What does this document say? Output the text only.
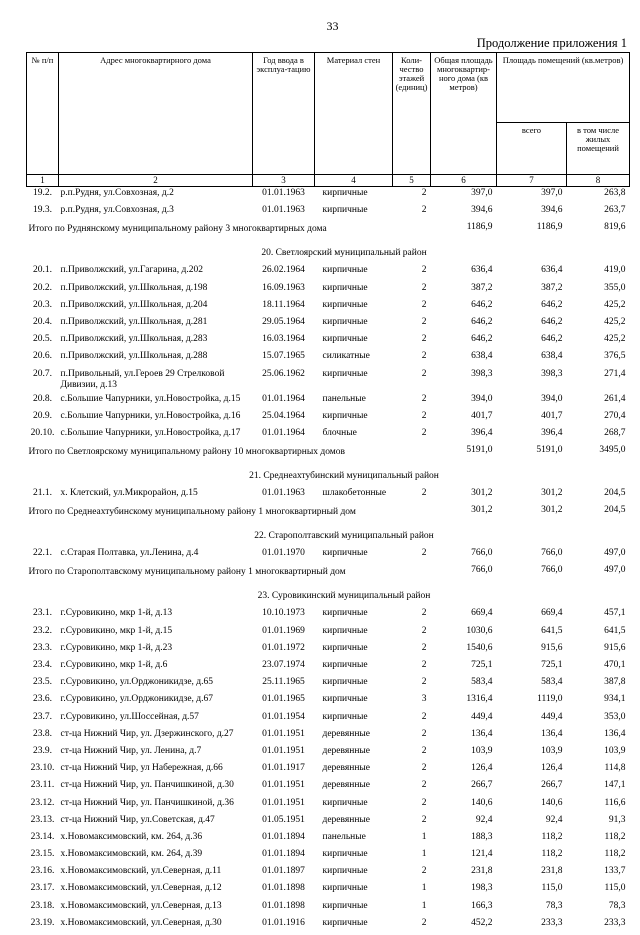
33
Продолжение приложения 1
№ п/п	Адрес многоквартирного дома	Год ввода в эксплуа-тацию	Материал стен	Коли-чество этажей (единиц)	Общая площадь многоквартир-ного дома (кв метров)	Площадь помещений (кв.метров)	
						всего	в том числе жилых помещений
1	2	3	4	5	6	7	8
19.2.	р.п.Рудня, ул.Совхозная, д.2	01.01.1963	кирпичные	2	397,0	397,0	263,8
19.3.	р.п.Рудня, ул.Совхозная, д.3	01.01.1963	кирпичные	2	394,6	394,6	263,7
Итого по Руднянскому муниципальному району 3 многоквартирных дома					1186,9	1186,9	819,6
	20. Светлоярский муниципальный район						
20.1.	п.Приволжский, ул.Гагарина, д.202	26.02.1964	кирпичные	2	636,4	636,4	419,0
20.2.	п.Приволжский, ул.Школьная, д.198	16.09.1963	кирпичные	2	387,2	387,2	355,0
20.3.	п.Приволжский, ул.Школьная, д.204	18.11.1964	кирпичные	2	646,2	646,2	425,2
20.4.	п.Приволжский, ул.Школьная, д.281	29.05.1964	кирпичные	2	646,2	646,2	425,2
20.5.	п.Приволжский, ул.Школьная, д.283	16.03.1964	кирпичные	2	646,2	646,2	425,2
20.6.	п.Приволжский, ул.Школьная, д.288	15.07.1965	силикатные	2	638,4	638,4	376,5
20.7.	п.Привольный, ул.Героев 29 Стрелковой Дивизии, д.13	25.06.1962	кирпичные	2	398,3	398,3	271,4
20.8.	с.Большие Чапурники, ул.Новостройка, д.15	01.01.1964	панельные	2	394,0	394,0	261,4
20.9.	с.Большие Чапурники, ул.Новостройка, д.16	25.04.1964	кирпичные	2	401,7	401,7	270,4
20.10.	с.Большие Чапурники, ул.Новостройка, д.17	01.01.1964	блочные	2	396,4	396,4	268,7
Итого по Светлоярскому муниципальному району 10 многоквартирных домов					5191,0	5191,0	3495,0
	21. Среднеахтубинский муниципальный район						
21.1.	х. Клетский, ул.Микрорайон, д.15	01.01.1963	шлакобетонные	2	301,2	301,2	204,5
Итого по Среднеахтубинскому муниципальному району 1 многоквартирный дом					301,2	301,2	204,5
	22. Старополтавский муниципальный район						
22.1.	с.Старая Полтавка, ул.Ленина, д.4	01.01.1970	кирпичные	2	766,0	766,0	497,0
Итого по Старополтавскому муниципальному району 1 многоквартирный дом					766,0	766,0	497,0
	23. Суровикинский муниципальный район						
23.1.	г.Суровикино, мкр 1-й, д.13	10.10.1973	кирпичные	2	669,4	669,4	457,1
23.2.	г.Суровикино, мкр 1-й, д.15	01.01.1969	кирпичные	2	1030,6	641,5	641,5
23.3.	г.Суровикино, мкр 1-й, д.23	01.01.1972	кирпичные	2	1540,6	915,6	915,6
23.4.	г.Суровикино, мкр 1-й, д.6	23.07.1974	кирпичные	2	725,1	725,1	470,1
23.5.	г.Суровикино, ул.Орджоникидзе, д.65	25.11.1965	кирпичные	2	583,4	583,4	387,8
23.6.	г.Суровикино, ул.Орджоникидзе, д.67	01.01.1965	кирпичные	3	1316,4	1119,0	934,1
23.7.	г.Суровикино, ул.Шоссейная, д.57	01.01.1954	кирпичные	2	449,4	449,4	353,0
23.8.	ст-ца Нижний Чир, ул. Дзержинского, д.27	01.01.1951	деревянные	2	136,4	136,4	136,4
23.9.	ст-ца Нижний Чир, ул. Ленина, д.7	01.01.1951	деревянные	2	103,9	103,9	103,9
23.10.	ст-ца Нижний Чир, ул Набережная, д.66	01.01.1917	деревянные	2	126,4	126,4	114,8
23.11.	ст-ца Нижний Чир, ул. Панчишкиной, д.30	01.01.1951	деревянные	2	266,7	266,7	147,1
23.12.	ст-ца Нижний Чир, ул. Панчишкиной, д.36	01.01.1951	кирпичные	2	140,6	140,6	116,6
23.13.	ст-ца Нижний Чир, ул.Советская, д.47	01.05.1951	деревянные	2	92,4	92,4	91,3
23.14.	х.Новомаксимовский, км. 264, д.36	01.01.1894	панельные	1	188,3	118,2	118,2
23.15.	х.Новомаксимовский, км. 264, д.39	01.01.1894	кирпичные	1	121,4	118,2	118,2
23.16.	х.Новомаксимовский, ул.Северная, д.11	01.01.1897	кирпичные	2	231,8	231,8	133,7
23.17.	х.Новомаксимовский, ул.Северная, д.12	01.01.1898	кирпичные	1	198,3	115,0	115,0
23.18.	х.Новомаксимовский, ул.Северная, д.13	01.01.1898	кирпичные	1	166,3	78,3	78,3
23.19.	х.Новомаксимовский, ул.Северная, д.30	01.01.1916	кирпичные	2	452,2	233,3	233,3
